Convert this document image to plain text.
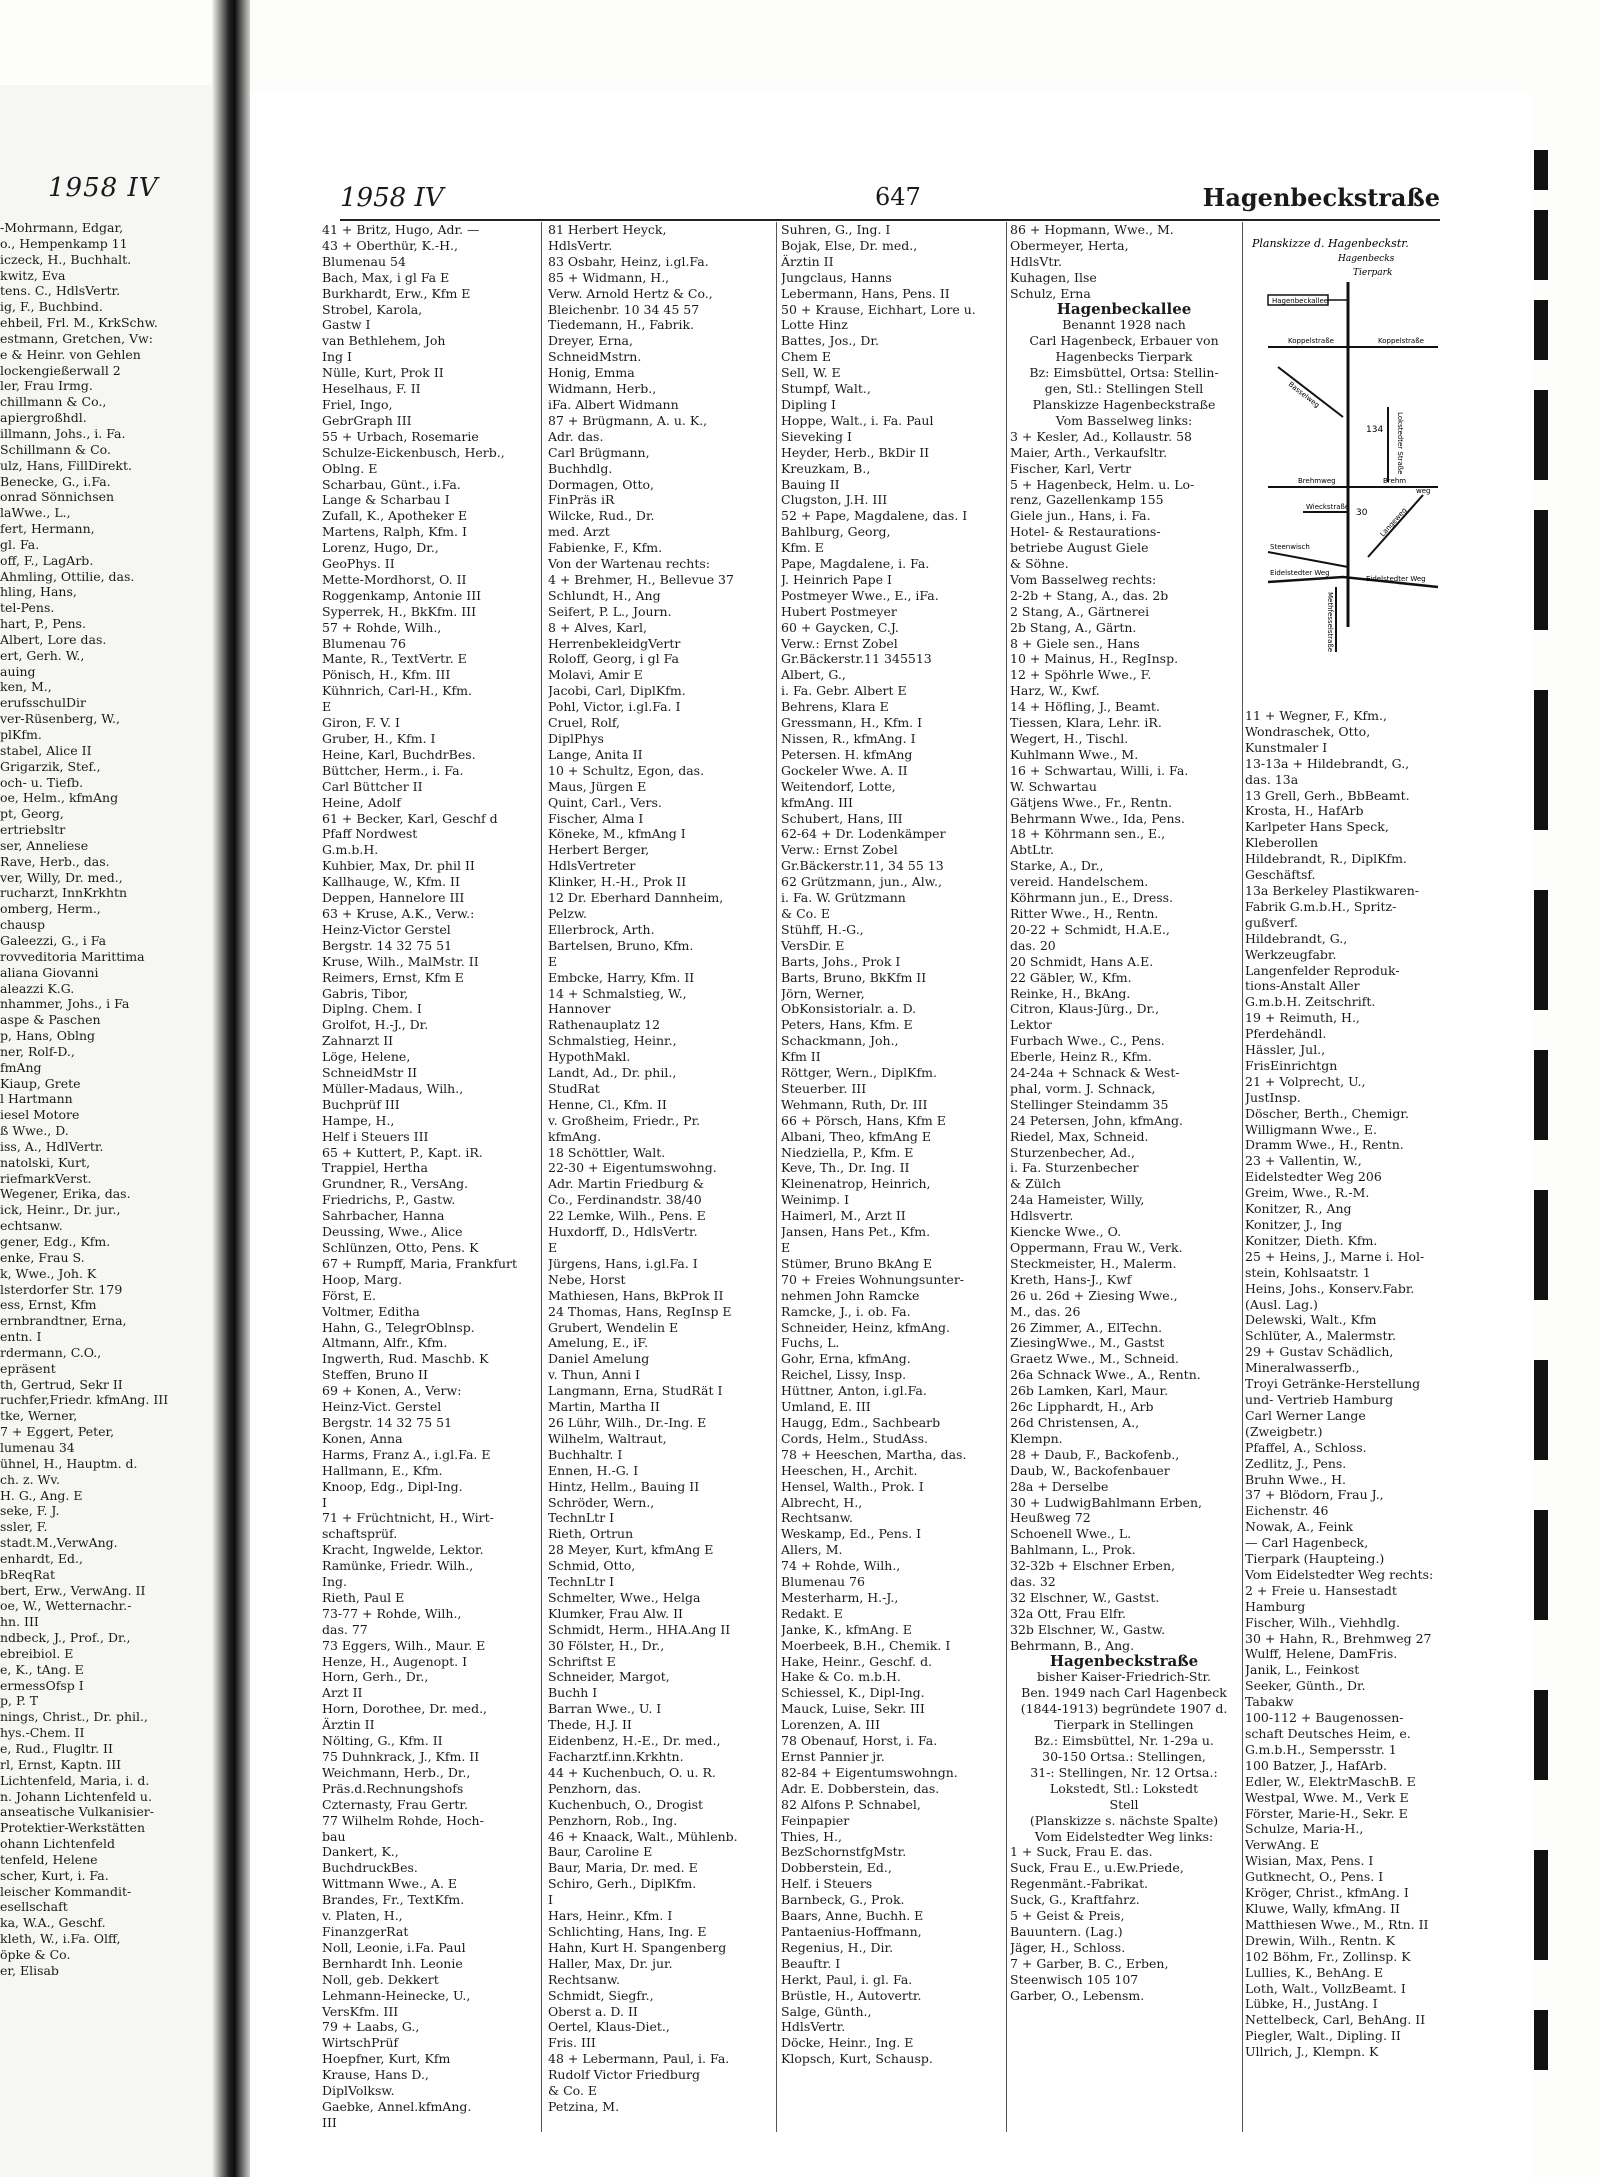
1958 IV
-Mohrmann, Edgar,
o., Hempenkamp 11
iczeck, H., Buchhalt.
kwitz, Eva
tens. C., HdlsVertr.
ig, F., Buchbind.
ehbeil, Frl. M., KrkSchw.
estmann, Gretchen, Vw:
e & Heinr. von Gehlen
lockengießerwall 2
ler, Frau Irmg.
chillmann & Co.,
apiergroßhdl.
illmann, Johs., i. Fa.
Schillmann & Co.
ulz, Hans, FillDirekt.
Benecke, G., i.Fa.
onrad Sönnichsen
laWwe., L.,
fert, Hermann,
gl. Fa.
off, F., LagArb.
Ahmling, Ottilie, das.
hling, Hans,
tel-Pens.
hart, P., Pens.
Albert, Lore das.
ert, Gerh. W.,
auing
ken, M.,
erufsschulDir
ver-Rüsenberg, W.,
plKfm.
stabel, Alice II
Grigarzik, Stef.,
och- u. Tiefb.
oe, Helm., kfmAng
pt, Georg,
ertriebsltr
ser, Anneliese
Rave, Herb., das.
ver, Willy, Dr. med.,
rucharzt, InnKrkhtn
omberg, Herm.,
chausp
Galeezzi, G., i Fa
rovveditoria Marittima
aliana Giovanni
aleazzi K.G.
nhammer, Johs., i Fa
aspe & Paschen
p, Hans, Oblng
ner, Rolf-D.,
fmAng
Kiaup, Grete
l Hartmann
iesel Motore
ß Wwe., D.
iss, A., HdlVertr.
natolski, Kurt,
riefmarkVerst.
Wegener, Erika, das.
ick, Heinr., Dr. jur.,
echtsanw.
gener, Edg., Kfm.
enke, Frau S.
k, Wwe., Joh. K
lsterdorfer Str. 179
ess, Ernst, Kfm
ernbrandtner, Erna,
entn. I
rdermann, C.O.,
epräsent
th, Gertrud, Sekr II
ruchfer,Friedr. kfmAng. III
tke, Werner,
7 + Eggert, Peter,
lumenau 34
ühnel, H., Hauptm. d.
ch. z. Wv.
H. G., Ang. E
seke, F. J.
ssler, F.
stadt.M.,VerwAng.
enhardt, Ed.,
bReqRat
bert, Erw., VerwAng. II
oe, W., Wetternachr.-
hn. III
ndbeck, J., Prof., Dr.,
ebreibiol. E
e, K., tAng. E
ermessOfsp I
p, P. T
nings, Christ., Dr. phil.,
hys.-Chem. II
e, Rud., Flugltr. II
rl, Ernst, Kaptn. III
Lichtenfeld, Maria, i. d.
n. Johann Lichtenfeld u.
anseatische Vulkanisier-
Protektier-Werkstätten
ohann Lichtenfeld
tenfeld, Helene
scher, Kurt, i. Fa.
leischer Kommandit-
esellschaft
ka, W.A., Geschf.
kleth, W., i.Fa. Olff,
öpke & Co.
er, Elisab
1958 IV	647	Hagenbeckstraße
41 + Britz, Hugo, Adr. —
43 + Oberthür, K.-H.,
Blumenau 54
Bach, Max, i gl Fa E
Burkhardt, Erw., Kfm E
Strobel, Karola,
Gastw I
van Bethlehem, Joh
Ing I
Nülle, Kurt, Prok II
Heselhaus, F. II
Friel, Ingo,
GebrGraph III
55 + Urbach, Rosemarie
Schulze-Eickenbusch, Herb.,
Oblng. E
Scharbau, Günt., i.Fa.
Lange & Scharbau I
Zufall, K., Apotheker E
Martens, Ralph, Kfm. I
Lorenz, Hugo, Dr.,
GeoPhys. II
Mette-Mordhorst, O. II
Roggenkamp, Antonie III
Syperrek, H., BkKfm. III
57 + Rohde, Wilh.,
Blumenau 76
Mante, R., TextVertr. E
Pönisch, H., Kfm. III
Kühnrich, Carl-H., Kfm.
E
Giron, F. V. I
Gruber, H., Kfm. I
Heine, Karl, BuchdrBes.
Büttcher, Herm., i. Fa.
Carl Büttcher II
Heine, Adolf
61 + Becker, Karl, Geschf d
Pfaff Nordwest
G.m.b.H.
Kuhbier, Max, Dr. phil II
Kallhauge, W., Kfm. II
Deppen, Hannelore III
63 + Kruse, A.K., Verw.:
Heinz-Victor Gerstel
Bergstr. 14 32 75 51
Kruse, Wilh., MalMstr. II
Reimers, Ernst, Kfm E
Gabris, Tibor,
Diplng. Chem. I
Grolfot, H.-J., Dr.
Zahnarzt II
Löge, Helene,
SchneidMstr II
Müller-Madaus, Wilh.,
Buchprüf III
Hampe, H.,
Helf i Steuers III
65 + Kuttert, P., Kapt. iR.
Trappiel, Hertha
Grundner, R., VersAng.
Friedrichs, P., Gastw.
Sahrbacher, Hanna
Deussing, Wwe., Alice
Schlünzen, Otto, Pens. K
67 + Rumpff, Maria, Frankfurt
Hoop, Marg.
Först, E.
Voltmer, Editha
Hahn, G., TelegrOblnsp.
Altmann, Alfr., Kfm.
Ingwerth, Rud. Maschb. K
Steffen, Bruno II
69 + Konen, A., Verw:
Heinz-Vict. Gerstel
Bergstr. 14 32 75 51
Konen, Anna
Harms, Franz A., i.gl.Fa. E
Hallmann, E., Kfm.
Knoop, Edg., Dipl-Ing.
I
71 + Früchtnicht, H., Wirt-
schaftsprüf.
Kracht, Ingwelde, Lektor.
Ramünke, Friedr. Wilh.,
Ing.
Rieth, Paul E
73-77 + Rohde, Wilh.,
das. 77
73 Eggers, Wilh., Maur. E
Henze, H., Augenopt. I
Horn, Gerh., Dr.,
Arzt II
Horn, Dorothee, Dr. med.,
Ärztin II
Nölting, G., Kfm. II
75 Duhnkrack, J., Kfm. II
Weichmann, Herb., Dr.,
Präs.d.Rechnungshofs
Czternasty, Frau Gertr.
77 Wilhelm Rohde, Hoch-
bau
Dankert, K.,
BuchdruckBes.
Wittmann Wwe., A. E
Brandes, Fr., TextKfm.
v. Platen, H.,
FinanzgerRat
Noll, Leonie, i.Fa. Paul
Bernhardt Inh. Leonie
Noll, geb. Dekkert
Lehmann-Heinecke, U.,
VersKfm. III
79 + Laabs, G.,
WirtschPrüf
Hoepfner, Kurt, Kfm
Krause, Hans D.,
DiplVolksw.
Gaebke, Annel.kfmAng.
III
81 Herbert Heyck,
HdlsVertr.
83 Osbahr, Heinz, i.gl.Fa.
85 + Widmann, H.,
Verw. Arnold Hertz & Co.,
Bleichenbr. 10 34 45 57
Tiedemann, H., Fabrik.
Dreyer, Erna,
SchneidMstrn.
Honig, Emma
Widmann, Herb.,
iFa. Albert Widmann
87 + Brügmann, A. u. K.,
Adr. das.
Carl Brügmann,
Buchhdlg.
Dormagen, Otto,
FinPräs iR
Wilcke, Rud., Dr.
med. Arzt
Fabienke, F., Kfm.
Von der Wartenau rechts:
4 + Brehmer, H., Bellevue 37
Schlundt, H., Ang
Seifert, P. L., Journ.
8 + Alves, Karl,
HerrenbekleidgVertr
Roloff, Georg, i gl Fa
Molavi, Amir E
Jacobi, Carl, DiplKfm.
Pohl, Victor, i.gl.Fa. I
Cruel, Rolf,
DiplPhys
Lange, Anita II
10 + Schultz, Egon, das.
Maus, Jürgen E
Quint, Carl., Vers.
Fischer, Alma I
Köneke, M., kfmAng I
Herbert Berger,
HdlsVertreter
Klinker, H.-H., Prok II
12 Dr. Eberhard Dannheim,
Pelzw.
Ellerbrock, Arth.
Bartelsen, Bruno, Kfm.
E
Embcke, Harry, Kfm. II
14 + Schmalstieg, W.,
Hannover
Rathenauplatz 12
Schmalstieg, Heinr.,
HypothMakl.
Landt, Ad., Dr. phil.,
StudRat
Henne, Cl., Kfm. II
v. Großheim, Friedr., Pr.
kfmAng.
18 Schöttler, Walt.
22-30 + Eigentumswohng.
Adr. Martin Friedburg &
Co., Ferdinandstr. 38/40
22 Lemke, Wilh., Pens. E
Huxdorff, D., HdlsVertr.
E
Jürgens, Hans, i.gl.Fa. I
Nebe, Horst
Mathiesen, Hans, BkProk II
24 Thomas, Hans, RegInsp E
Grubert, Wendelin E
Amelung, E., iF.
Daniel Amelung
v. Thun, Anni I
Langmann, Erna, StudRät I
Martin, Martha II
26 Lühr, Wilh., Dr.-Ing. E
Wilhelm, Waltraut,
Buchhaltr. I
Ennen, H.-G. I
Hintz, Hellm., Bauing II
Schröder, Wern.,
TechnLtr I
Rieth, Ortrun
28 Meyer, Kurt, kfmAng E
Schmid, Otto,
TechnLtr I
Schmelter, Wwe., Helga
Klumker, Frau Alw. II
Schmidt, Herm., HHA.Ang II
30 Fölster, H., Dr.,
Schriftst E
Schneider, Margot,
Buchh I
Barran Wwe., U. I
Thede, H.J. II
Eidenbenz, H.-E., Dr. med.,
Facharztf.inn.Krkhtn.
44 + Kuchenbuch, O. u. R.
Penzhorn, das.
Kuchenbuch, O., Drogist
Penzhorn, Rob., Ing.
46 + Knaack, Walt., Mühlenb.
Baur, Caroline E
Baur, Maria, Dr. med. E
Schiro, Gerh., DiplKfm.
I
Hars, Heinr., Kfm. I
Schlichting, Hans, Ing. E
Hahn, Kurt H. Spangenberg
Haller, Max, Dr. jur.
Rechtsanw.
Schmidt, Siegfr.,
Oberst a. D. II
Oertel, Klaus-Diet.,
Fris. III
48 + Lebermann, Paul, i. Fa.
Rudolf Victor Friedburg
& Co. E
Petzina, M.
Suhren, G., Ing. I
Bojak, Else, Dr. med.,
Ärztin II
Jungclaus, Hanns
Lebermann, Hans, Pens. II
50 + Krause, Eichhart, Lore u.
Lotte Hinz
Battes, Jos., Dr.
Chem E
Sell, W. E
Stumpf, Walt.,
Dipling I
Hoppe, Walt., i. Fa. Paul
Sieveking I
Heyder, Herb., BkDir II
Kreuzkam, B.,
Bauing II
Clugston, J.H. III
52 + Pape, Magdalene, das. I
Bahlburg, Georg,
Kfm. E
Pape, Magdalene, i. Fa.
J. Heinrich Pape I
Postmeyer Wwe., E., iFa.
Hubert Postmeyer
60 + Gaycken, C.J.
Verw.: Ernst Zobel
Gr.Bäckerstr.11 345513
Albert, G.,
i. Fa. Gebr. Albert E
Behrens, Klara E
Gressmann, H., Kfm. I
Nissen, R., kfmAng. I
Petersen. H. kfmAng
Gockeler Wwe. A. II
Weitendorf, Lotte,
kfmAng. III
Schubert, Hans, III
62-64 + Dr. Lodenkämper
Verw.: Ernst Zobel
Gr.Bäckerstr.11, 34 55 13
62 Grützmann, jun., Alw.,
i. Fa. W. Grützmann
& Co. E
Stühff, H.-G.,
VersDir. E
Barts, Johs., Prok I
Barts, Bruno, BkKfm II
Jörn, Werner,
ObKonsistorialr. a. D.
Peters, Hans, Kfm. E
Schackmann, Joh.,
Kfm II
Röttger, Wern., DiplKfm.
Steuerber. III
Wehmann, Ruth, Dr. III
66 + Pörsch, Hans, Kfm E
Albani, Theo, kfmAng E
Niedziella, P., Kfm. E
Keve, Th., Dr. Ing. II
Kleinenatrop, Heinrich,
Weinimp. I
Haimerl, M., Arzt II
Jansen, Hans Pet., Kfm.
E
Stümer, Bruno BkAng E
70 + Freies Wohnungsunter-
nehmen John Ramcke
Ramcke, J., i. ob. Fa.
Schneider, Heinz, kfmAng.
Fuchs, L.
Gohr, Erna, kfmAng.
Reichel, Lissy, Insp.
Hüttner, Anton, i.gl.Fa.
Umland, E. III
Haugg, Edm., Sachbearb
Cords, Helm., StudAss.
78 + Heeschen, Martha, das.
Heeschen, H., Archit.
Hensel, Walth., Prok. I
Albrecht, H.,
Rechtsanw.
Weskamp, Ed., Pens. I
Allers, M.
74 + Rohde, Wilh.,
Blumenau 76
Mesterharm, H.-J.,
Redakt. E
Janke, K., kfmAng. E
Moerbeek, B.H., Chemik. I
Hake, Heinr., Geschf. d.
Hake & Co. m.b.H.
Schiessel, K., Dipl-Ing.
Mauck, Luise, Sekr. III
Lorenzen, A. III
78 Obenauf, Horst, i. Fa.
Ernst Pannier jr.
82-84 + Eigentumswohngn.
Adr. E. Dobberstein, das.
82 Alfons P. Schnabel,
Feinpapier
Thies, H.,
BezSchornstfgMstr.
Dobberstein, Ed.,
Helf. i Steuers
Barnbeck, G., Prok.
Baars, Anne, Buchh. E
Pantaenius-Hoffmann,
Regenius, H., Dir.
Beauftr. I
Herkt, Paul, i. gl. Fa.
Brüstle, H., Autovertr.
Salge, Günth.,
HdlsVertr.
Döcke, Heinr., Ing. E
Klopsch, Kurt, Schausp.
86 + Hopmann, Wwe., M.
Obermeyer, Herta,
HdlsVtr.
Kuhagen, Ilse
Schulz, Erna
Hagenbeckallee
Benannt 1928 nach
Carl Hagenbeck, Erbauer von
Hagenbecks Tierpark
Bz: Eimsbüttel, Ortsa: Stellin-
gen, Stl.: Stellingen Stell
Planskizze Hagenbeckstraße
Vom Basselweg links:
3 + Kesler, Ad., Kollaustr. 58
Maier, Arth., Verkaufsltr.
Fischer, Karl, Vertr
5 + Hagenbeck, Helm. u. Lo-
renz, Gazellenkamp 155
Giele jun., Hans, i. Fa.
Hotel- & Restaurations-
betriebe August Giele
& Söhne.
Vom Basselweg rechts:
2-2b + Stang, A., das. 2b
2 Stang, A., Gärtnerei
2b Stang, A., Gärtn.
8 + Giele sen., Hans
10 + Mainus, H., RegInsp.
12 + Spöhrle Wwe., F.
Harz, W., Kwf.
14 + Höfling, J., Beamt.
Tiessen, Klara, Lehr. iR.
Wegert, H., Tischl.
Kuhlmann Wwe., M.
16 + Schwartau, Willi, i. Fa.
W. Schwartau
Gätjens Wwe., Fr., Rentn.
Behrmann Wwe., Ida, Pens.
18 + Köhrmann sen., E.,
AbtLtr.
Starke, A., Dr.,
vereid. Handelschem.
Köhrmann jun., E., Dress.
Ritter Wwe., H., Rentn.
20-22 + Schmidt, H.A.E.,
das. 20
20 Schmidt, Hans A.E.
22 Gäbler, W., Kfm.
Reinke, H., BkAng.
Citron, Klaus-Jürg., Dr.,
Lektor
Furbach Wwe., C., Pens.
Eberle, Heinz R., Kfm.
24-24a + Schnack & West-
phal, vorm. J. Schnack,
Stellinger Steindamm 35
24 Petersen, John, kfmAng.
Riedel, Max, Schneid.
Sturzenbecher, Ad.,
i. Fa. Sturzenbecher
& Zülch
24a Hameister, Willy,
Hdlsvertr.
Kiencke Wwe., O.
Oppermann, Frau W., Verk.
Steckmeister, H., Malerm.
Kreth, Hans-J., Kwf
26 u. 26d + Ziesing Wwe.,
M., das. 26
26 Zimmer, A., ElTechn.
ZiesingWwe., M., Gastst
Graetz Wwe., M., Schneid.
26a Schnack Wwe., A., Rentn.
26b Lamken, Karl, Maur.
26c Lipphardt, H., Arb
26d Christensen, A.,
Klempn.
28 + Daub, F., Backofenb.,
Daub, W., Backofenbauer
28a + Derselbe
30 + LudwigBahlmann Erben,
Heußweg 72
Schoenell Wwe., L.
Bahlmann, L., Prok.
32-32b + Elschner Erben,
das. 32
32 Elschner, W., Gastst.
32a Ott, Frau Elfr.
32b Elschner, W., Gastw.
Behrmann, B., Ang.
Hagenbeckstraße
bisher Kaiser-Friedrich-Str.
Ben. 1949 nach Carl Hagenbeck
(1844-1913) begründete 1907 d.
Tierpark in Stellingen
Bz.: Eimsbüttel, Nr. 1-29a u.
30-150 Ortsa.: Stellingen,
31-: Stellingen, Nr. 12 Ortsa.:
Lokstedt, Stl.: Lokstedt
Stell
(Planskizze s. nächste Spalte)
Vom Eidelstedter Weg links:
1 + Suck, Frau E. das.
Suck, Frau E., u.Ew.Priede,
Regenmänt.-Fabrikat.
Suck, G., Kraftfahrz.
5 + Geist & Preis,
Bauuntern. (Lag.)
Jäger, H., Schloss.
7 + Garber, B. C., Erben,
Steenwisch 105 107
Garber, O., Lebensm.
11 + Wegner, F., Kfm.,
Wondraschek, Otto,
Kunstmaler I
13-13a + Hildebrandt, G.,
das. 13a
13 Grell, Gerh., BbBeamt.
Krosta, H., HafArb
Karlpeter Hans Speck,
Kleberollen
Hildebrandt, R., DiplKfm.
Geschäftsf.
13a Berkeley Plastikwaren-
Fabrik G.m.b.H., Spritz-
gußverf.
Hildebrandt, G.,
Werkzeugfabr.
Langenfelder Reproduk-
tions-Anstalt Aller
G.m.b.H. Zeitschrift.
19 + Reimuth, H.,
Pferdehändl.
Hässler, Jul.,
FrisEinrichtgn
21 + Volprecht, U.,
JustInsp.
Döscher, Berth., Chemigr.
Willigmann Wwe., E.
Dramm Wwe., H., Rentn.
23 + Vallentin, W.,
Eidelstedter Weg 206
Greim, Wwe., R.-M.
Konitzer, R., Ang
Konitzer, J., Ing
Konitzer, Dieth. Kfm.
25 + Heins, J., Marne i. Hol-
stein, Kohlsaatstr. 1
Heins, Johs., Konserv.Fabr.
(Ausl. Lag.)
Delewski, Walt., Kfm
Schlüter, A., Malermstr.
29 + Gustav Schädlich,
Mineralwasserfb.,
Troyi Getränke-Herstellung
und- Vertrieb Hamburg
Carl Werner Lange
(Zweigbetr.)
Pfaffel, A., Schloss.
Zedlitz, J., Pens.
Bruhn Wwe., H.
37 + Blödorn, Frau J.,
Eichenstr. 46
Nowak, A., Feink
— Carl Hagenbeck,
Tierpark (Haupteing.)
Vom Eidelstedter Weg rechts:
2 + Freie u. Hansestadt
Hamburg
Fischer, Wilh., Viehhdlg.
30 + Hahn, R., Brehmweg 27
Wulff, Helene, DamFris.
Janik, L., Feinkost
Seeker, Günth., Dr.
Tabakw
100-112 + Baugenossen-
schaft Deutsches Heim, e.
G.m.b.H., Sempersstr. 1
100 Batzer, J., HafArb.
Edler, W., ElektrMaschB. E
Westpal, Wwe. M., Verk E
Förster, Marie-H., Sekr. E
Schulze, Maria-H.,
VerwAng. E
Wisian, Max, Pens. I
Gutknecht, O., Pens. I
Kröger, Christ., kfmAng. I
Kluwe, Wally, kfmAng. II
Matthiesen Wwe., M., Rtn. II
Drewin, Wilh., Rentn. K
102 Böhm, Fr., Zollinsp. K
Lullies, K., BehAng. E
Loth, Walt., VollzBeamt. I
Lübke, H., JustAng. I
Nettelbeck, Carl, BehAng. II
Piegler, Walt., Dipling. II
Ullrich, J., Klempn. K
Planskizze d. Hagenbeckstr.
Hagenbecks
Tierpark
Hagenbeckallee
Koppelstraße	Koppelstraße
Basselweg
134 Lokstedter Straße
Brehmweg	Brehm
weg
Wieckstraße
30 Langeweg
Steenwisch
Eidelstedter Weg
Eidelstedter Weg
Methfesselstraße
